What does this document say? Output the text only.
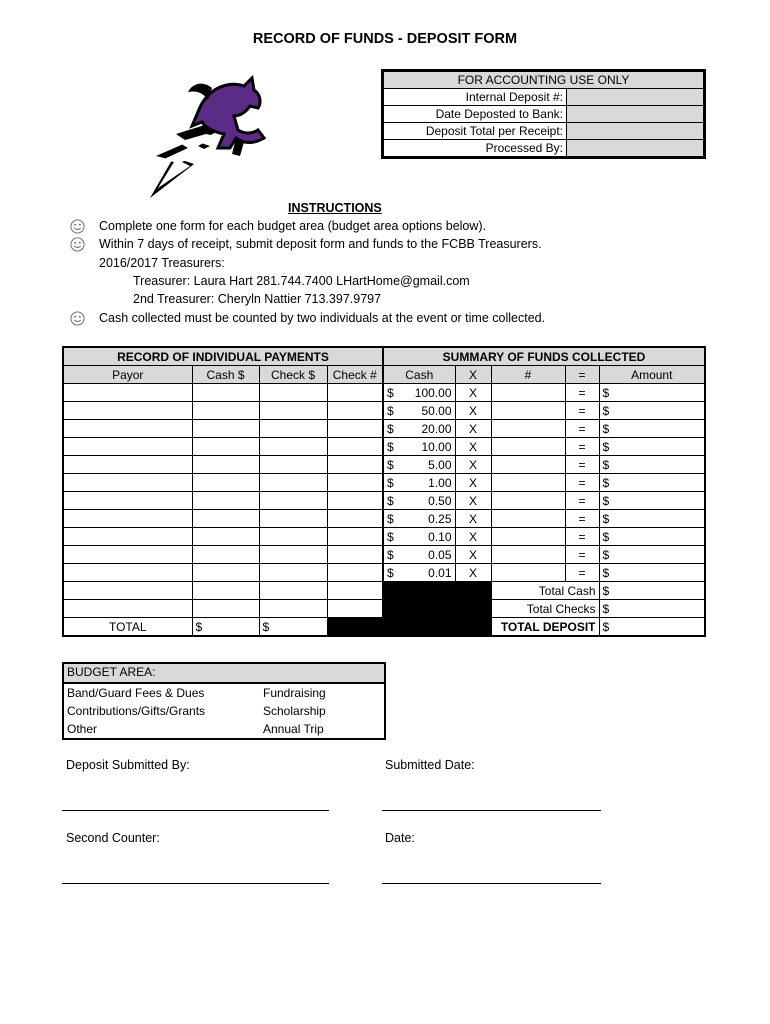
RECORD OF FUNDS - DEPOSIT FORM
FOR ACCOUNTING USE ONLY	
Internal Deposit #:	
Date Deposted to Bank:	
Deposit Total per Receipt:	
Processed By:	
INSTRUCTIONS
Complete one form for each budget area (budget area options below).
Within 7 days of receipt, submit deposit form and funds to the FCBB Treasurers.
2016/2017 Treasurers:
Treasurer: Laura Hart 281.744.7400 LHartHome@gmail.com
2nd Treasurer: Cheryln Nattier 713.397.9797
Cash collected must be counted by two individuals at the event or time collected.
RECORD OF INDIVIDUAL PAYMENTS			
Payor	Cash $	Check $	Check #

TOTAL	$	$	
SUMMARY OF FUNDS COLLECTED					
Cash		X	#	=	Amount
$	100.00	X		=	$
$	50.00	X		=	$
$	20.00	X		=	$
$	10.00	X		=	$
$	5.00	X		=	$
$	1.00	X		=	$
$	0.50	X		=	$
$	0.25	X		=	$
$	0.10	X		=	$
$	0.05	X		=	$
$	0.01	X		=	$
			Total Cash		$
			Total Checks		$
			TOTAL DEPOSIT		$
BUDGET AREA:
Band/Guard Fees & Dues	Fundraising
Contributions/Gifts/Grants	Scholarship
Other	Annual Trip
Deposit Submitted By:	Submitted Date:
Second Counter:	Date:
